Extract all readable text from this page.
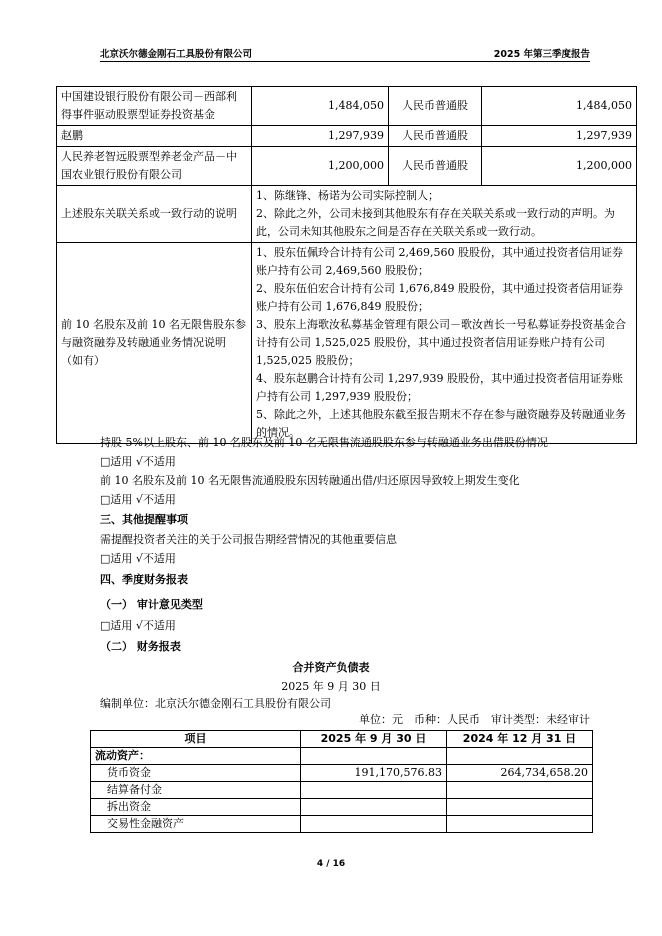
北京沃尔德金刚石工具股份有限公司	2025 年第三季度报告
中国建设银行股份有限公司－西部利得事件驱动股票型证券投资基金	1,484,050	人民币普通股	1,484,050
赵鹏	1,297,939	人民币普通股	1,297,939
人民养老智远股票型养老金产品－中国农业银行股份有限公司	1,200,000	人民币普通股	1,200,000
上述股东关联关系或一致行动的说明	1、陈继锋、杨诺为公司实际控制人；
2、除此之外，公司未接到其他股东有存在关联关系或一致行动的声明。为此，公司未知其他股东之间是否存在关联关系或一致行动。		

前 10 名股东及前 10 名无限售股东参与融资融券及转融通业务情况说明（如有）	1、股东伍佩玲合计持有公司 2,469,560 股股份，其中通过投资者信用证券账户持有公司 2,469,560 股股份；
2、股东伍伯宏合计持有公司 1,676,849 股股份，其中通过投资者信用证券账户持有公司 1,676,849 股股份；
3、股东上海歌汝私募基金管理有限公司－歌汝酋长一号私募证券投资基金合计持有公司 1,525,025 股股份，其中通过投资者信用证券账户持有公司 1,525,025 股股份；
4、股东赵鹏合计持有公司 1,297,939 股股份，其中通过投资者信用证券账户持有公司 1,297,939 股股份；
5、除此之外，上述其他股东截至报告期末不存在参与融资融券及转融通业务的情况。		
持股 5%以上股东、前 10 名股东及前 10 名无限售流通股股东参与转融通业务出借股份情况
□适用 √不适用
前 10 名股东及前 10 名无限售流通股股东因转融通出借/归还原因导致较上期发生变化
□适用 √不适用
三、其他提醒事项
需提醒投资者关注的关于公司报告期经营情况的其他重要信息
□适用 √不适用
四、季度财务报表
（一） 审计意见类型
□适用 √不适用
（二） 财务报表
合并资产负债表
2025 年 9 月 30 日
编制单位：北京沃尔德金刚石工具股份有限公司
单位：元　币种：人民币　审计类型：未经审计
项目	2025 年 9 月 30 日	2024 年 12 月 31 日
流动资产：		
货币资金	191,170,576.83	264,734,658.20
结算备付金		
拆出资金		
交易性金融资产		
4 / 16
